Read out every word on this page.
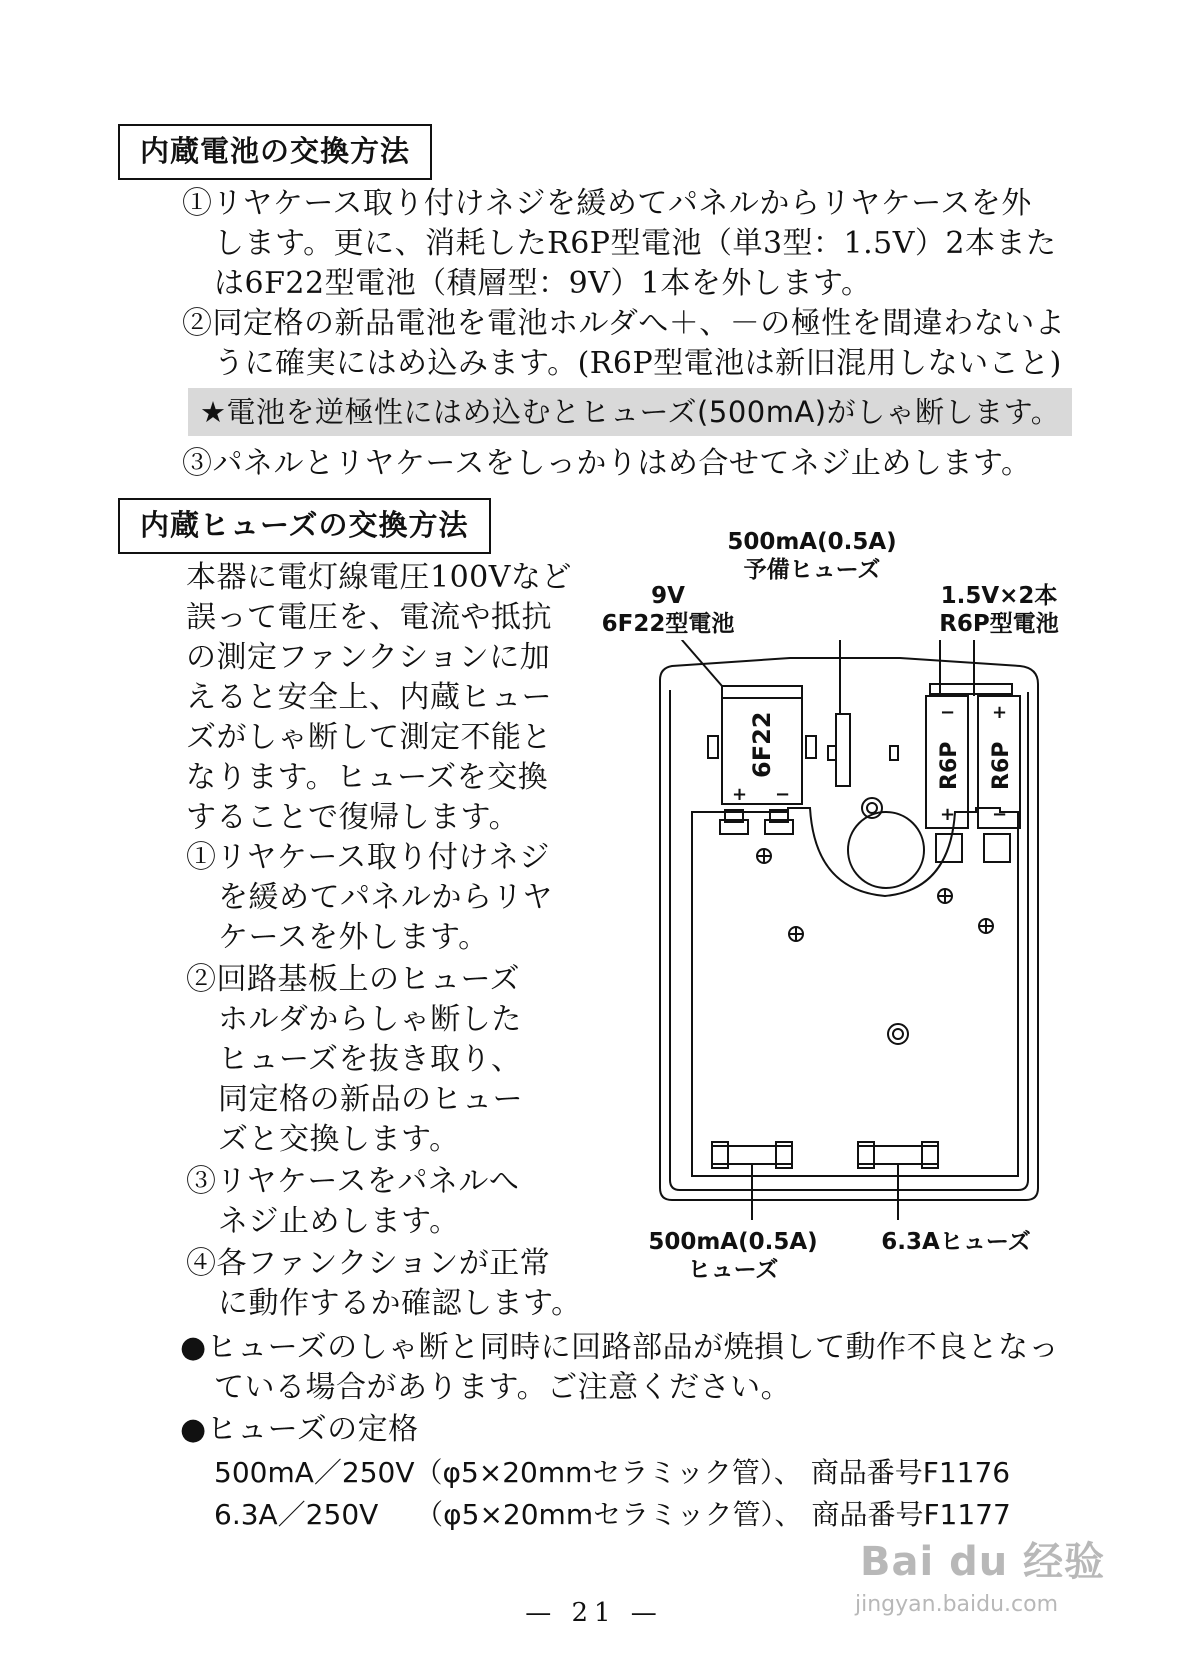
内蔵電池の交換方法
①リヤケース取り付けネジを緩めてパネルからリヤケースを外
します。更に、消耗したR6P型電池（単3型：1.5V）2本また
は6F22型電池（積層型：9V）1本を外します。
②同定格の新品電池を電池ホルダへ＋、－の極性を間違わないよ
うに確実にはめ込みます。(R6P型電池は新旧混用しないこと)
★電池を逆極性にはめ込むとヒューズ(500mA)がしゃ断します。
③パネルとリヤケースをしっかりはめ合せてネジ止めします。
内蔵ヒューズの交換方法
本器に電灯線電圧100Vなど
誤って電圧を、電流や抵抗
の測定ファンクションに加
えると安全上、内蔵ヒュー
ズがしゃ断して測定不能と
なります。ヒューズを交換
することで復帰します。
①リヤケース取り付けネジ
を緩めてパネルからリヤ
ケースを外します。
②回路基板上のヒューズ
ホルダからしゃ断した
ヒューズを抜き取り、
同定格の新品のヒュー
ズと交換します。
③リヤケースをパネルへ
ネジ止めします。
④各ファンクションが正常
に動作するか確認します。
500mA(0.5A)
予備ヒューズ
9V
6F22型電池
1.5V×2本
R6P型電池
500mA(0.5A)
ヒューズ
6.3Aヒューズ
6F22	R6P R6P
+ −
−
+
+
−
●ヒューズのしゃ断と同時に回路部品が焼損して動作不良となっ
ている場合があります。ご注意ください。
●ヒューズの定格
500mA／250V（φ5×20mmセラミック管）、 商品番号F1176
6.3A／250V　 （φ5×20mmセラミック管）、 商品番号F1177
— 21 —
Bai du 经验
jingyan.baidu.com
